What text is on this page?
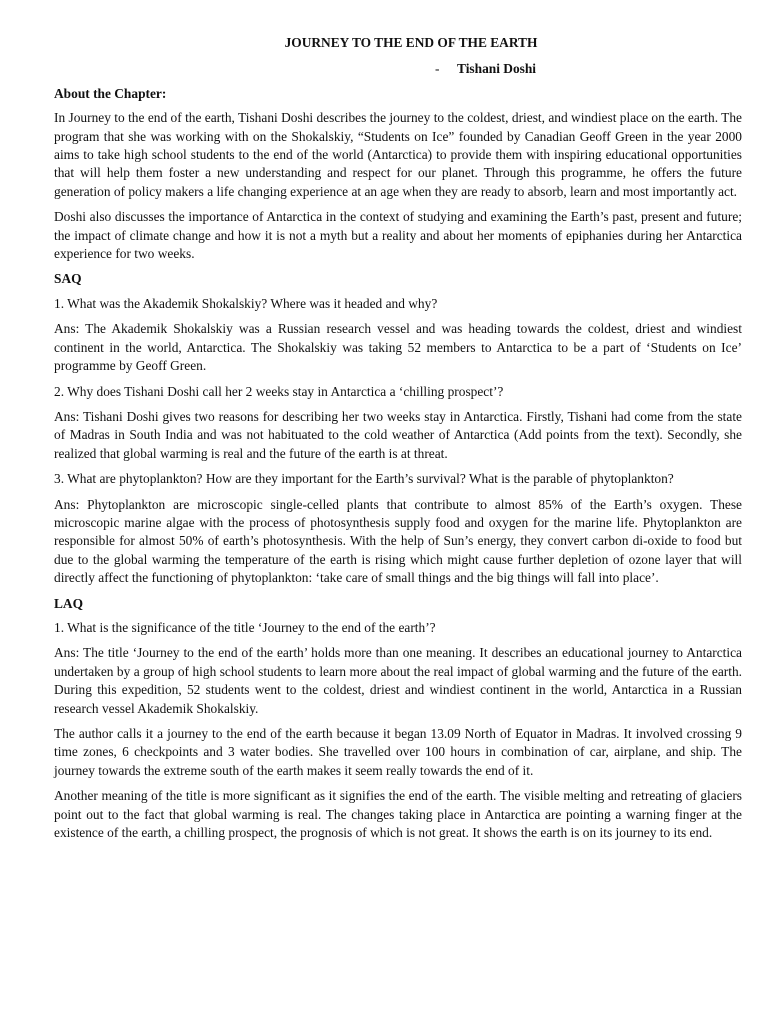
JOURNEY TO THE END OF THE EARTH
- Tishani Doshi
About the Chapter:

In Journey to the end of the earth, Tishani Doshi describes the journey to the coldest, driest, and windiest place on the earth. The program that she was working with on the Shokalskiy, “Students on Ice” founded by Canadian Geoff Green in the year 2000 aims to take high school students to the end of the world (Antarctica) to provide them with inspiring educational opportunities that will help them foster a new understanding and respect for our planet. Through this programme, he offers the future generation of policy makers a life changing experience at an age when they are ready to absorb, learn and most importantly act.

Doshi also discusses the importance of Antarctica in the context of studying and examining the Earth’s past, present and future; the impact of climate change and how it is not a myth but a reality and about her moments of epiphanies during her Antarctica experience for two weeks.

SAQ

1. What was the Akademik Shokalskiy? Where was it headed and why?

Ans: The Akademik Shokalskiy was a Russian research vessel and was heading towards the coldest, driest and windiest continent in the world, Antarctica. The Shokalskiy was taking 52 members to Antarctica to be a part of ‘Students on Ice’ programme by Geoff Green.

2. Why does Tishani Doshi call her 2 weeks stay in Antarctica a ‘chilling prospect’?

Ans: Tishani Doshi gives two reasons for describing her two weeks stay in Antarctica. Firstly, Tishani had come from the state of Madras in South India and was not habituated to the cold weather of Antarctica (Add points from the text). Secondly, she realized that global warming is real and the future of the earth is at threat.

3. What are phytoplankton? How are they important for the Earth’s survival? What is the parable of phytoplankton?

Ans: Phytoplankton are microscopic single-celled plants that contribute to almost 85% of the Earth’s oxygen. These microscopic marine algae with the process of photosynthesis supply food and oxygen for the marine life. Phytoplankton are responsible for almost 50% of earth’s photosynthesis. With the help of Sun’s energy, they convert carbon di-oxide to food but due to the global warming the temperature of the earth is rising which might cause further depletion of ozone layer that will directly affect the functioning of phytoplankton: ‘take care of small things and the big things will fall into place’.

LAQ

1. What is the significance of the title ‘Journey to the end of the earth’?

Ans: The title ‘Journey to the end of the earth’ holds more than one meaning. It describes an educational journey to Antarctica undertaken by a group of high school students to learn more about the real impact of global warming and the future of the earth. During this expedition, 52 students went to the coldest, driest and windiest continent in the world, Antarctica in a Russian research vessel Akademik Shokalskiy.

The author calls it a journey to the end of the earth because it began 13.09 North of Equator in Madras. It involved crossing 9 time zones, 6 checkpoints and 3 water bodies. She travelled over 100 hours in combination of car, airplane, and ship. The journey towards the extreme south of the earth makes it seem really towards the end of it.

Another meaning of the title is more significant as it signifies the end of the earth. The visible melting and retreating of glaciers point out to the fact that global warming is real. The changes taking place in Antarctica are pointing a warning finger at the existence of the earth, a chilling prospect, the prognosis of which is not great. It shows the earth is on its journey to its end.
